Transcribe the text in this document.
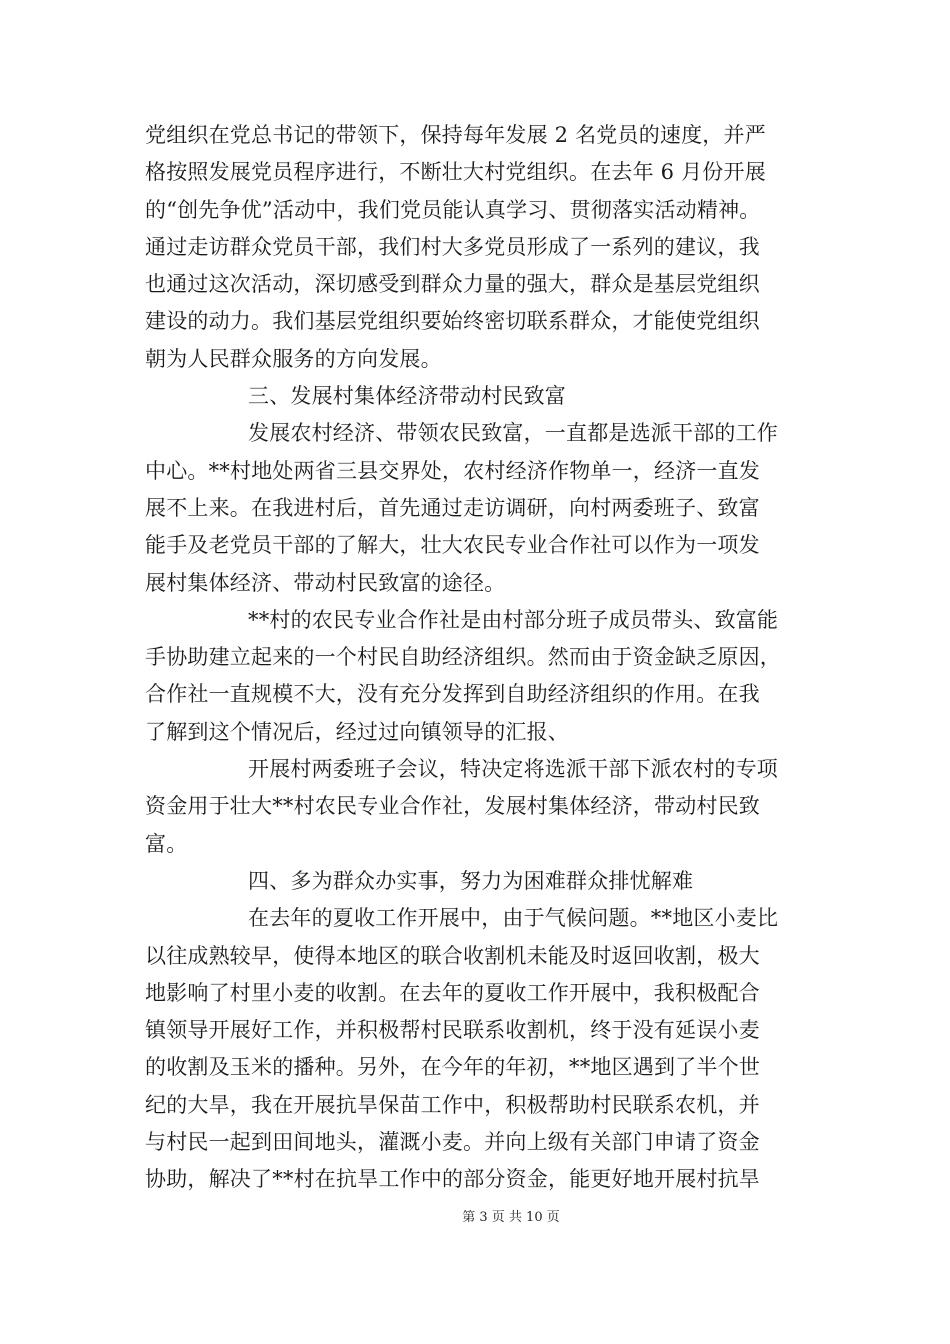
党组织在党总书记的带领下，保持每年发展 2 名党员的速度，并严
格按照发展党员程序进行，不断壮大村党组织。在去年 6 月份开展
的“创先争优”活动中，我们党员能认真学习、贯彻落实活动精神。
通过走访群众党员干部，我们村大多党员形成了一系列的建议，我
也通过这次活动，深切感受到群众力量的强大，群众是基层党组织
建设的动力。我们基层党组织要始终密切联系群众，才能使党组织
朝为人民群众服务的方向发展。
三、发展村集体经济带动村民致富
发展农村经济、带领农民致富，一直都是选派干部的工作
中心。**村地处两省三县交界处，农村经济作物单一，经济一直发
展不上来。在我进村后，首先通过走访调研，向村两委班子、致富
能手及老党员干部的了解大，壮大农民专业合作社可以作为一项发
展村集体经济、带动村民致富的途径。
**村的农民专业合作社是由村部分班子成员带头、致富能
手协助建立起来的一个村民自助经济组织。然而由于资金缺乏原因，
合作社一直规模不大，没有充分发挥到自助经济组织的作用。在我
了解到这个情况后，经过过向镇领导的汇报、
开展村两委班子会议，特决定将选派干部下派农村的专项
资金用于壮大**村农民专业合作社，发展村集体经济，带动村民致
富。
四、多为群众办实事，努力为困难群众排忧解难
在去年的夏收工作开展中，由于气候问题。**地区小麦比
以往成熟较早，使得本地区的联合收割机未能及时返回收割，极大
地影响了村里小麦的收割。在去年的夏收工作开展中，我积极配合
镇领导开展好工作，并积极帮村民联系收割机，终于没有延误小麦
的收割及玉米的播种。另外，在今年的年初，**地区遇到了半个世
纪的大旱，我在开展抗旱保苗工作中，积极帮助村民联系农机，并
与村民一起到田间地头，灌溉小麦。并向上级有关部门申请了资金
协助，解决了**村在抗旱工作中的部分资金，能更好地开展村抗旱
第 3 页 共 10 页
